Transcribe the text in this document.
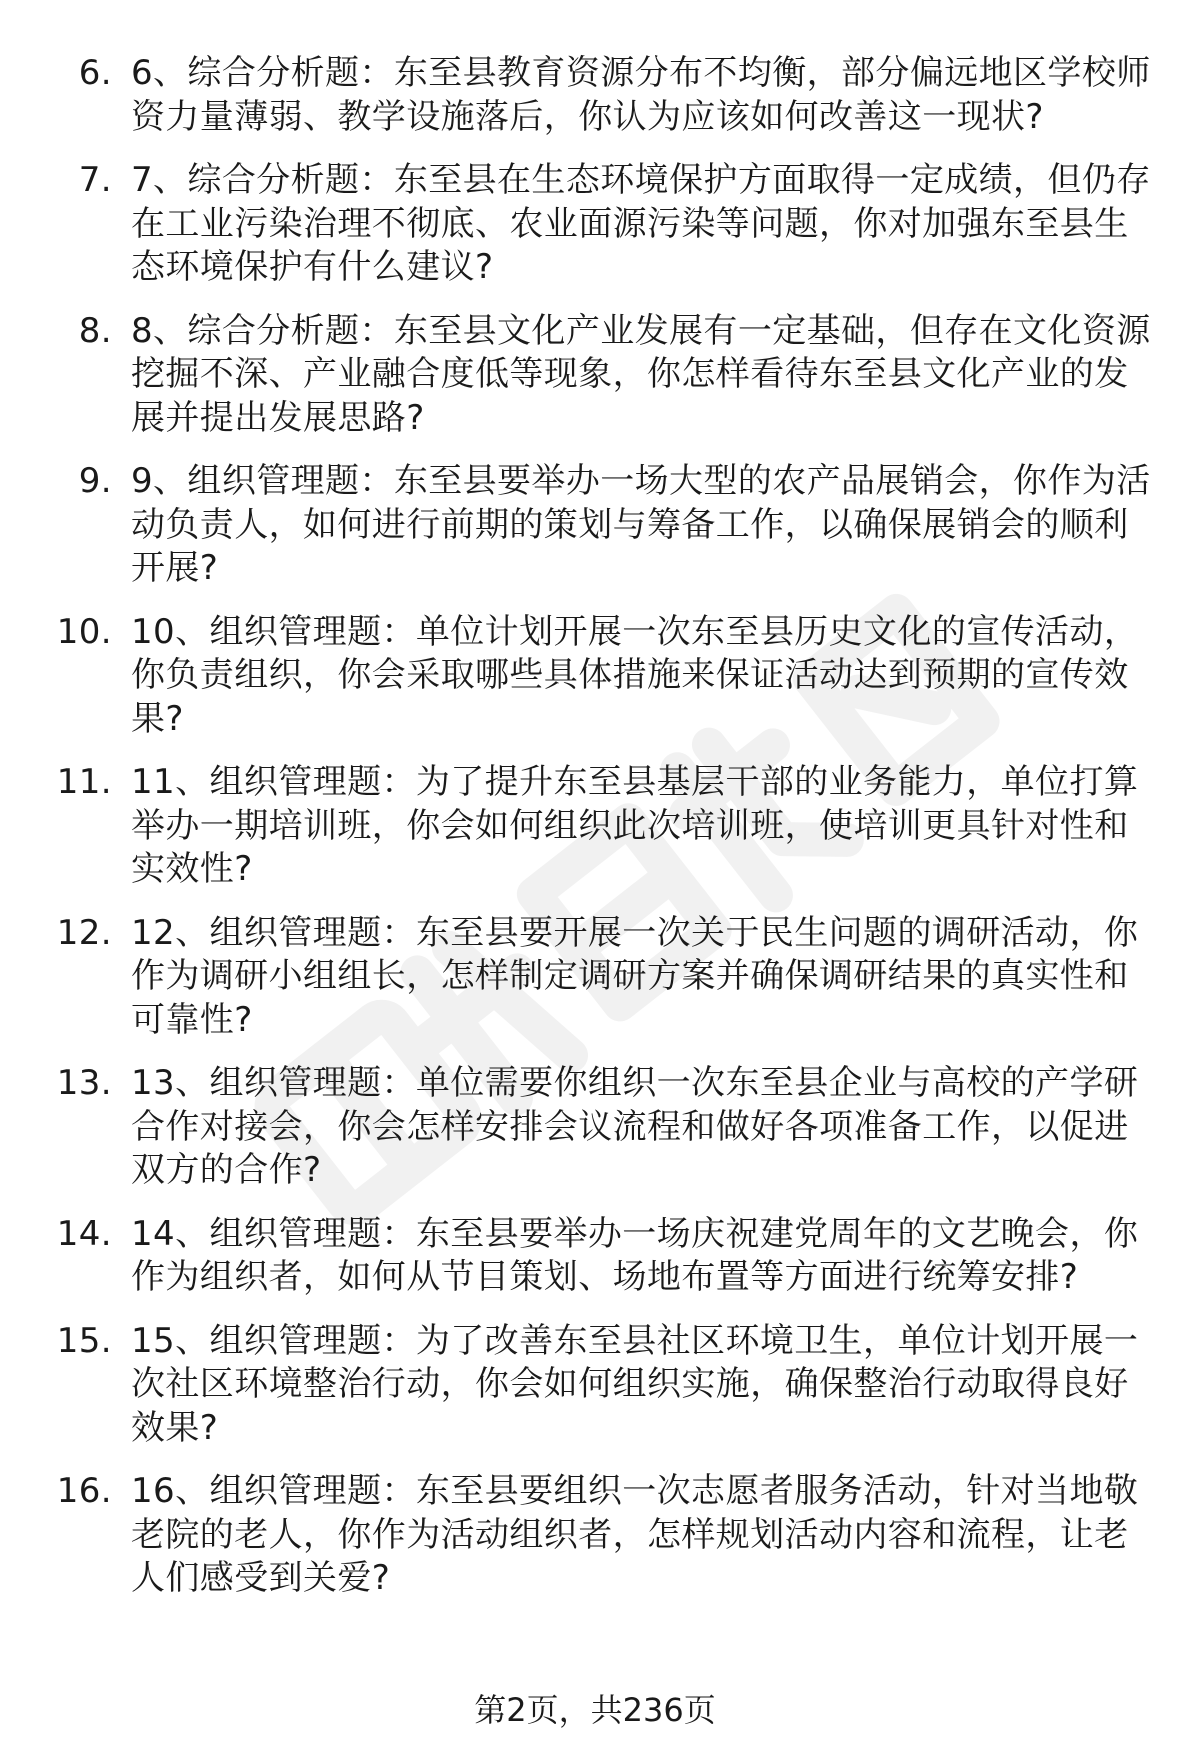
6. 6、综合分析题：东至县教育资源分布不均衡，部分偏远地区学校师资力量薄弱、教学设施落后，你认为应该如何改善这一现状?
7. 7、综合分析题：东至县在生态环境保护方面取得一定成绩，但仍存在工业污染治理不彻底、农业面源污染等问题，你对加强东至县生态环境保护有什么建议?
8. 8、综合分析题：东至县文化产业发展有一定基础，但存在文化资源挖掘不深、产业融合度低等现象，你怎样看待东至县文化产业的发展并提出发展思路?
9. 9、组织管理题：东至县要举办一场大型的农产品展销会，你作为活动负责人，如何进行前期的策划与筹备工作，以确保展销会的顺利开展?
10. 10、组织管理题：单位计划开展一次东至县历史文化的宣传活动，你负责组织，你会采取哪些具体措施来保证活动达到预期的宣传效果?
11. 11、组织管理题：为了提升东至县基层干部的业务能力，单位打算举办一期培训班，你会如何组织此次培训班，使培训更具针对性和实效性?
12. 12、组织管理题：东至县要开展一次关于民生问题的调研活动，你作为调研小组组长，怎样制定调研方案并确保调研结果的真实性和可靠性?
13. 13、组织管理题：单位需要你组织一次东至县企业与高校的产学研合作对接会，你会怎样安排会议流程和做好各项准备工作，以促进双方的合作?
14. 14、组织管理题：东至县要举办一场庆祝建党周年的文艺晚会，你作为组织者，如何从节目策划、场地布置等方面进行统筹安排?
15. 15、组织管理题：为了改善东至县社区环境卫生，单位计划开展一次社区环境整治行动，你会如何组织实施，确保整治行动取得良好效果?
16. 16、组织管理题：东至县要组织一次志愿者服务活动，针对当地敬老院的老人，你作为活动组织者，怎样规划活动内容和流程，让老人们感受到关爱?
第2页，共236页
